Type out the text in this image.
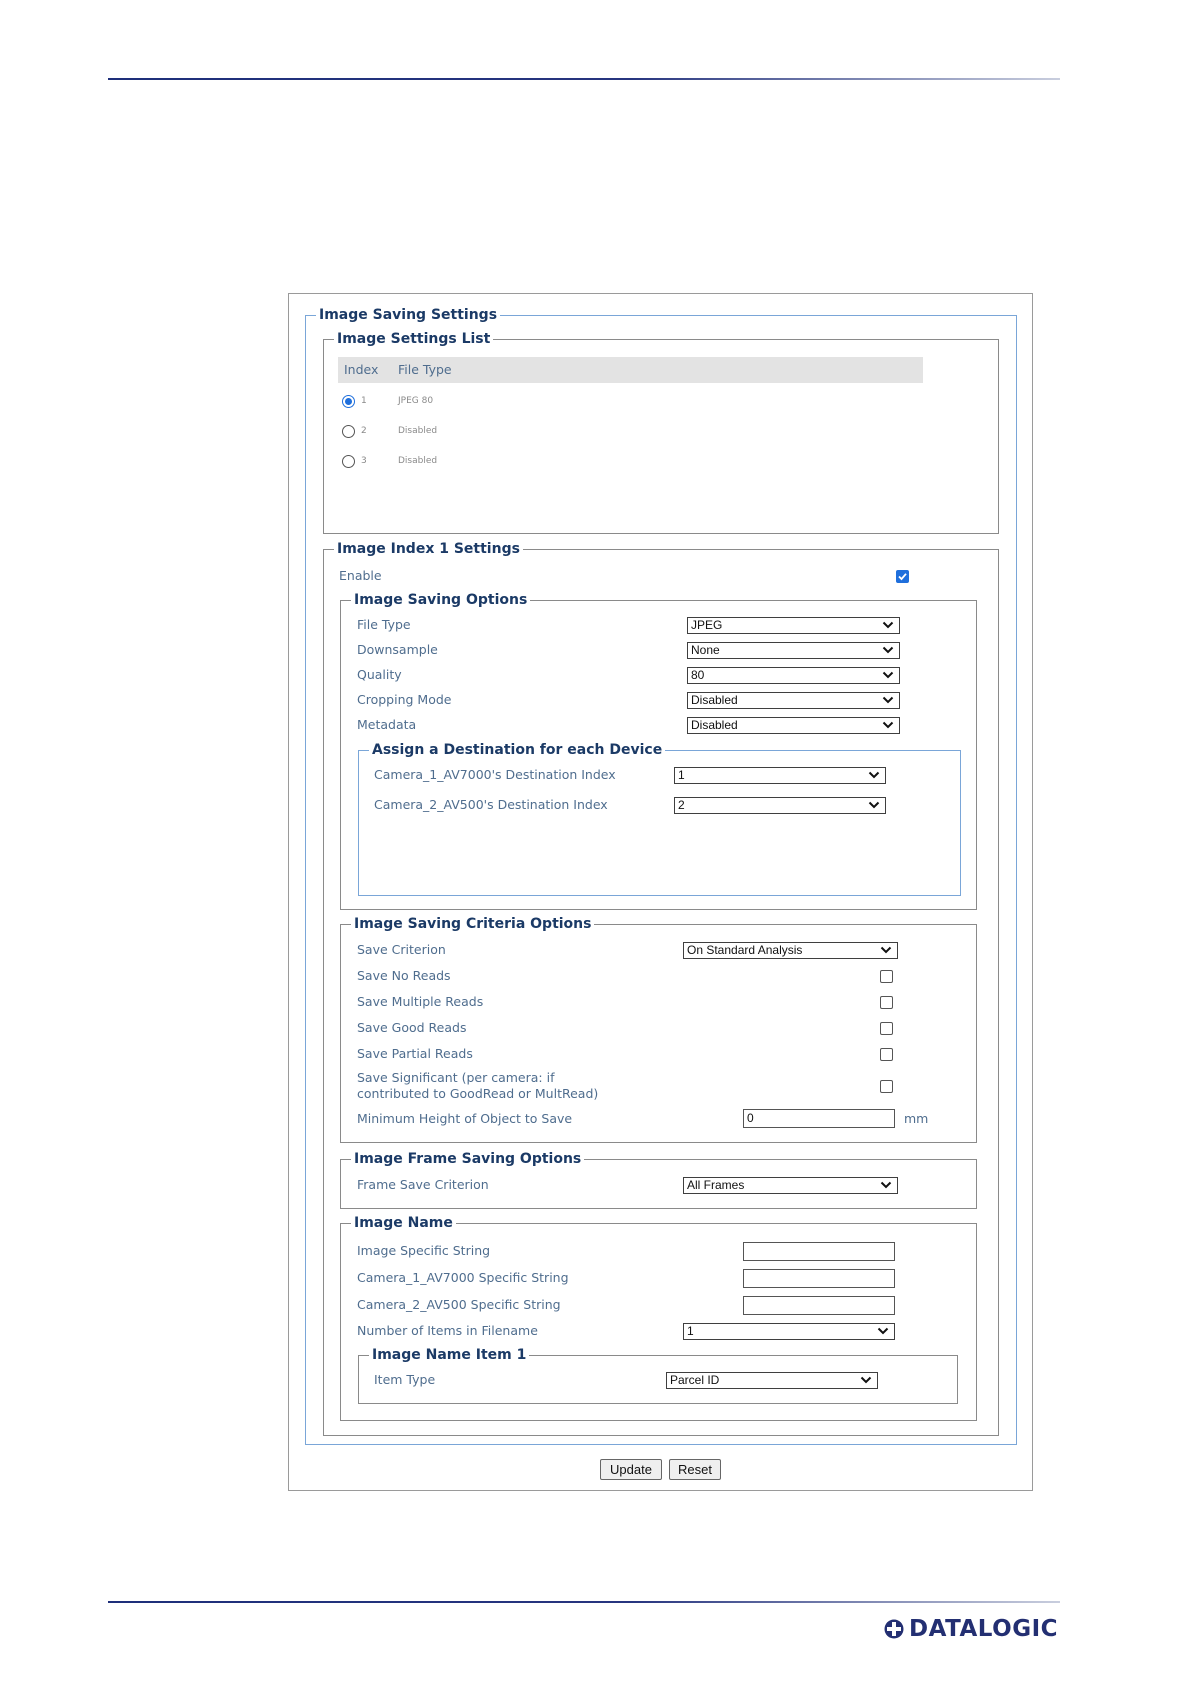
Image Saving Settings
Image Settings List
Index File Type
1	JPEG 80
2	Disabled
3	Disabled
Image Index 1 Settings
Enable
Image Saving Options
File Type	JPEG
Downsample	None
Quality	80
Cropping Mode	Disabled
Metadata	Disabled
Assign a Destination for each Device
Camera_1_AV7000's Destination Index	1
Camera_2_AV500's Destination Index	2
Image Saving Criteria Options
Save Criterion	On Standard Analysis
Save No Reads
Save Multiple Reads
Save Good Reads
Save Partial Reads
Save Significant (per camera: if
contributed to GoodRead or MultRead)
Minimum Height of Object to Save	0	mm
Image Frame Saving Options
Frame Save Criterion	All Frames
Image Name
Image Specific String
Camera_1_AV7000 Specific String
Camera_2_AV500 Specific String
Number of Items in Filename	1
Image Name Item 1
Item Type	Parcel ID
Update	Reset
DATALOGIC
